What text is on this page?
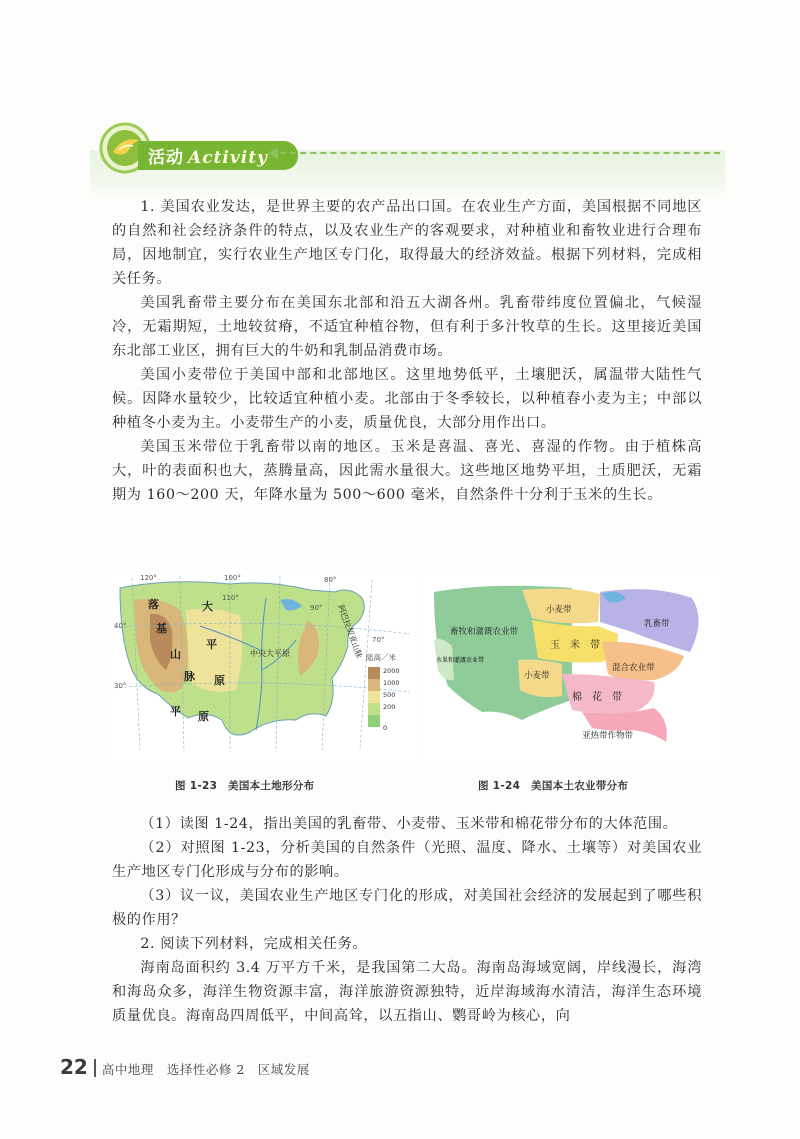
活动 Activity

1. 美国农业发达，是世界主要的农产品出口国。在农业生产方面，美国根据不同地区的自然和社会经济条件的特点，以及农业生产的客观要求，对种植业和畜牧业进行合理布局，因地制宜，实行农业生产地区专门化，取得最大的经济效益。根据下列材料，完成相关任务。

美国乳畜带主要分布在美国东北部和沿五大湖各州。乳畜带纬度位置偏北，气候湿冷，无霜期短，土地较贫瘠，不适宜种植谷物，但有利于多汁牧草的生长。这里接近美国东北部工业区，拥有巨大的牛奶和乳制品消费市场。

美国小麦带位于美国中部和北部地区。这里地势低平，土壤肥沃，属温带大陆性气候。因降水量较少，比较适宜种植小麦。北部由于冬季较长，以种植春小麦为主；中部以种植冬小麦为主。小麦带生产的小麦，质量优良，大部分用作出口。

美国玉米带位于乳畜带以南的地区。玉米是喜温、喜光、喜湿的作物。由于植株高大，叶的表面积也大，蒸腾量高，因此需水量很大。这些地区地势平坦，土质肥沃，无霜期为 160～200 天，年降水量为 500～600 毫米，自然条件十分利于玉米的生长。

120°
110°
100°
90°
80°
70°
40°
30°
落
基
山
脉
大
平
原
平 原
中央大平原	阿巴拉契亚山脉 陆高／米
2000
1000
500
200
0
畜牧和灌溉农业带
小麦带
乳畜带
玉　米　带
小麦带
混合农业带
棉　花　带
亚热带作物带
水果和灌溉农业带
图 1-23　美国本土地形分布	图 1-24　美国本土农业带分布

（1）读图 1-24，指出美国的乳畜带、小麦带、玉米带和棉花带分布的大体范围。

（2）对照图 1-23，分析美国的自然条件（光照、温度、降水、土壤等）对美国农业生产地区专门化形成与分布的影响。

（3）议一议，美国农业生产地区专门化的形成，对美国社会经济的发展起到了哪些积极的作用？

2. 阅读下列材料，完成相关任务。

海南岛面积约 3.4 万平方千米，是我国第二大岛。海南岛海域宽阔，岸线漫长，海湾和海岛众多，海洋生物资源丰富，海洋旅游资源独特，近岸海域海水清洁，海洋生态环境质量优良。海南岛四周低平，中间高耸，以五指山、鹦哥岭为核心，向

22 高中地理　选择性必修 2　区域发展
